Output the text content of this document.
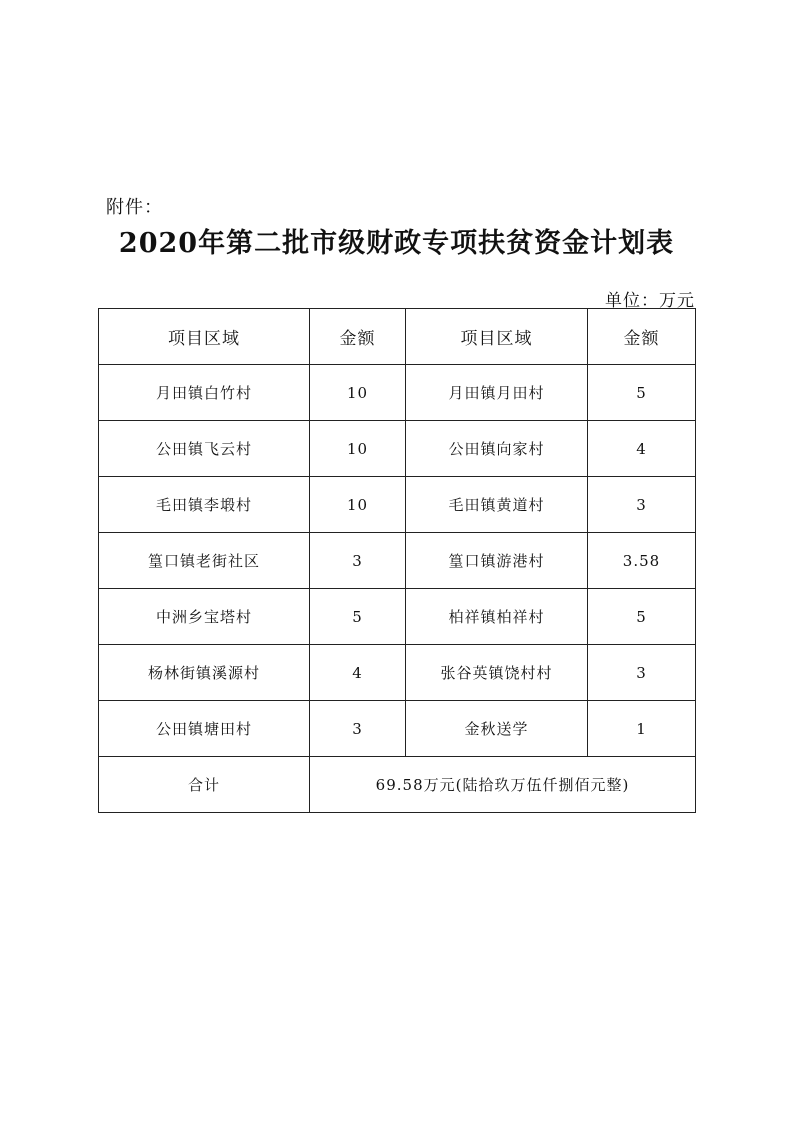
附件：
2020年第二批市级财政专项扶贫资金计划表
单位：万元
项目区域	金额	项目区域	金额
月田镇白竹村	10	月田镇月田村	5
公田镇飞云村	10	公田镇向家村	4
毛田镇李塅村	10	毛田镇黄道村	3
篁口镇老街社区	3	篁口镇游港村	3.58
中洲乡宝塔村	5	柏祥镇柏祥村	5
杨林街镇溪源村	4	张谷英镇饶村村	3
公田镇塘田村	3	金秋送学	1
合计	69.58万元(陆拾玖万伍仟捌佰元整)		
